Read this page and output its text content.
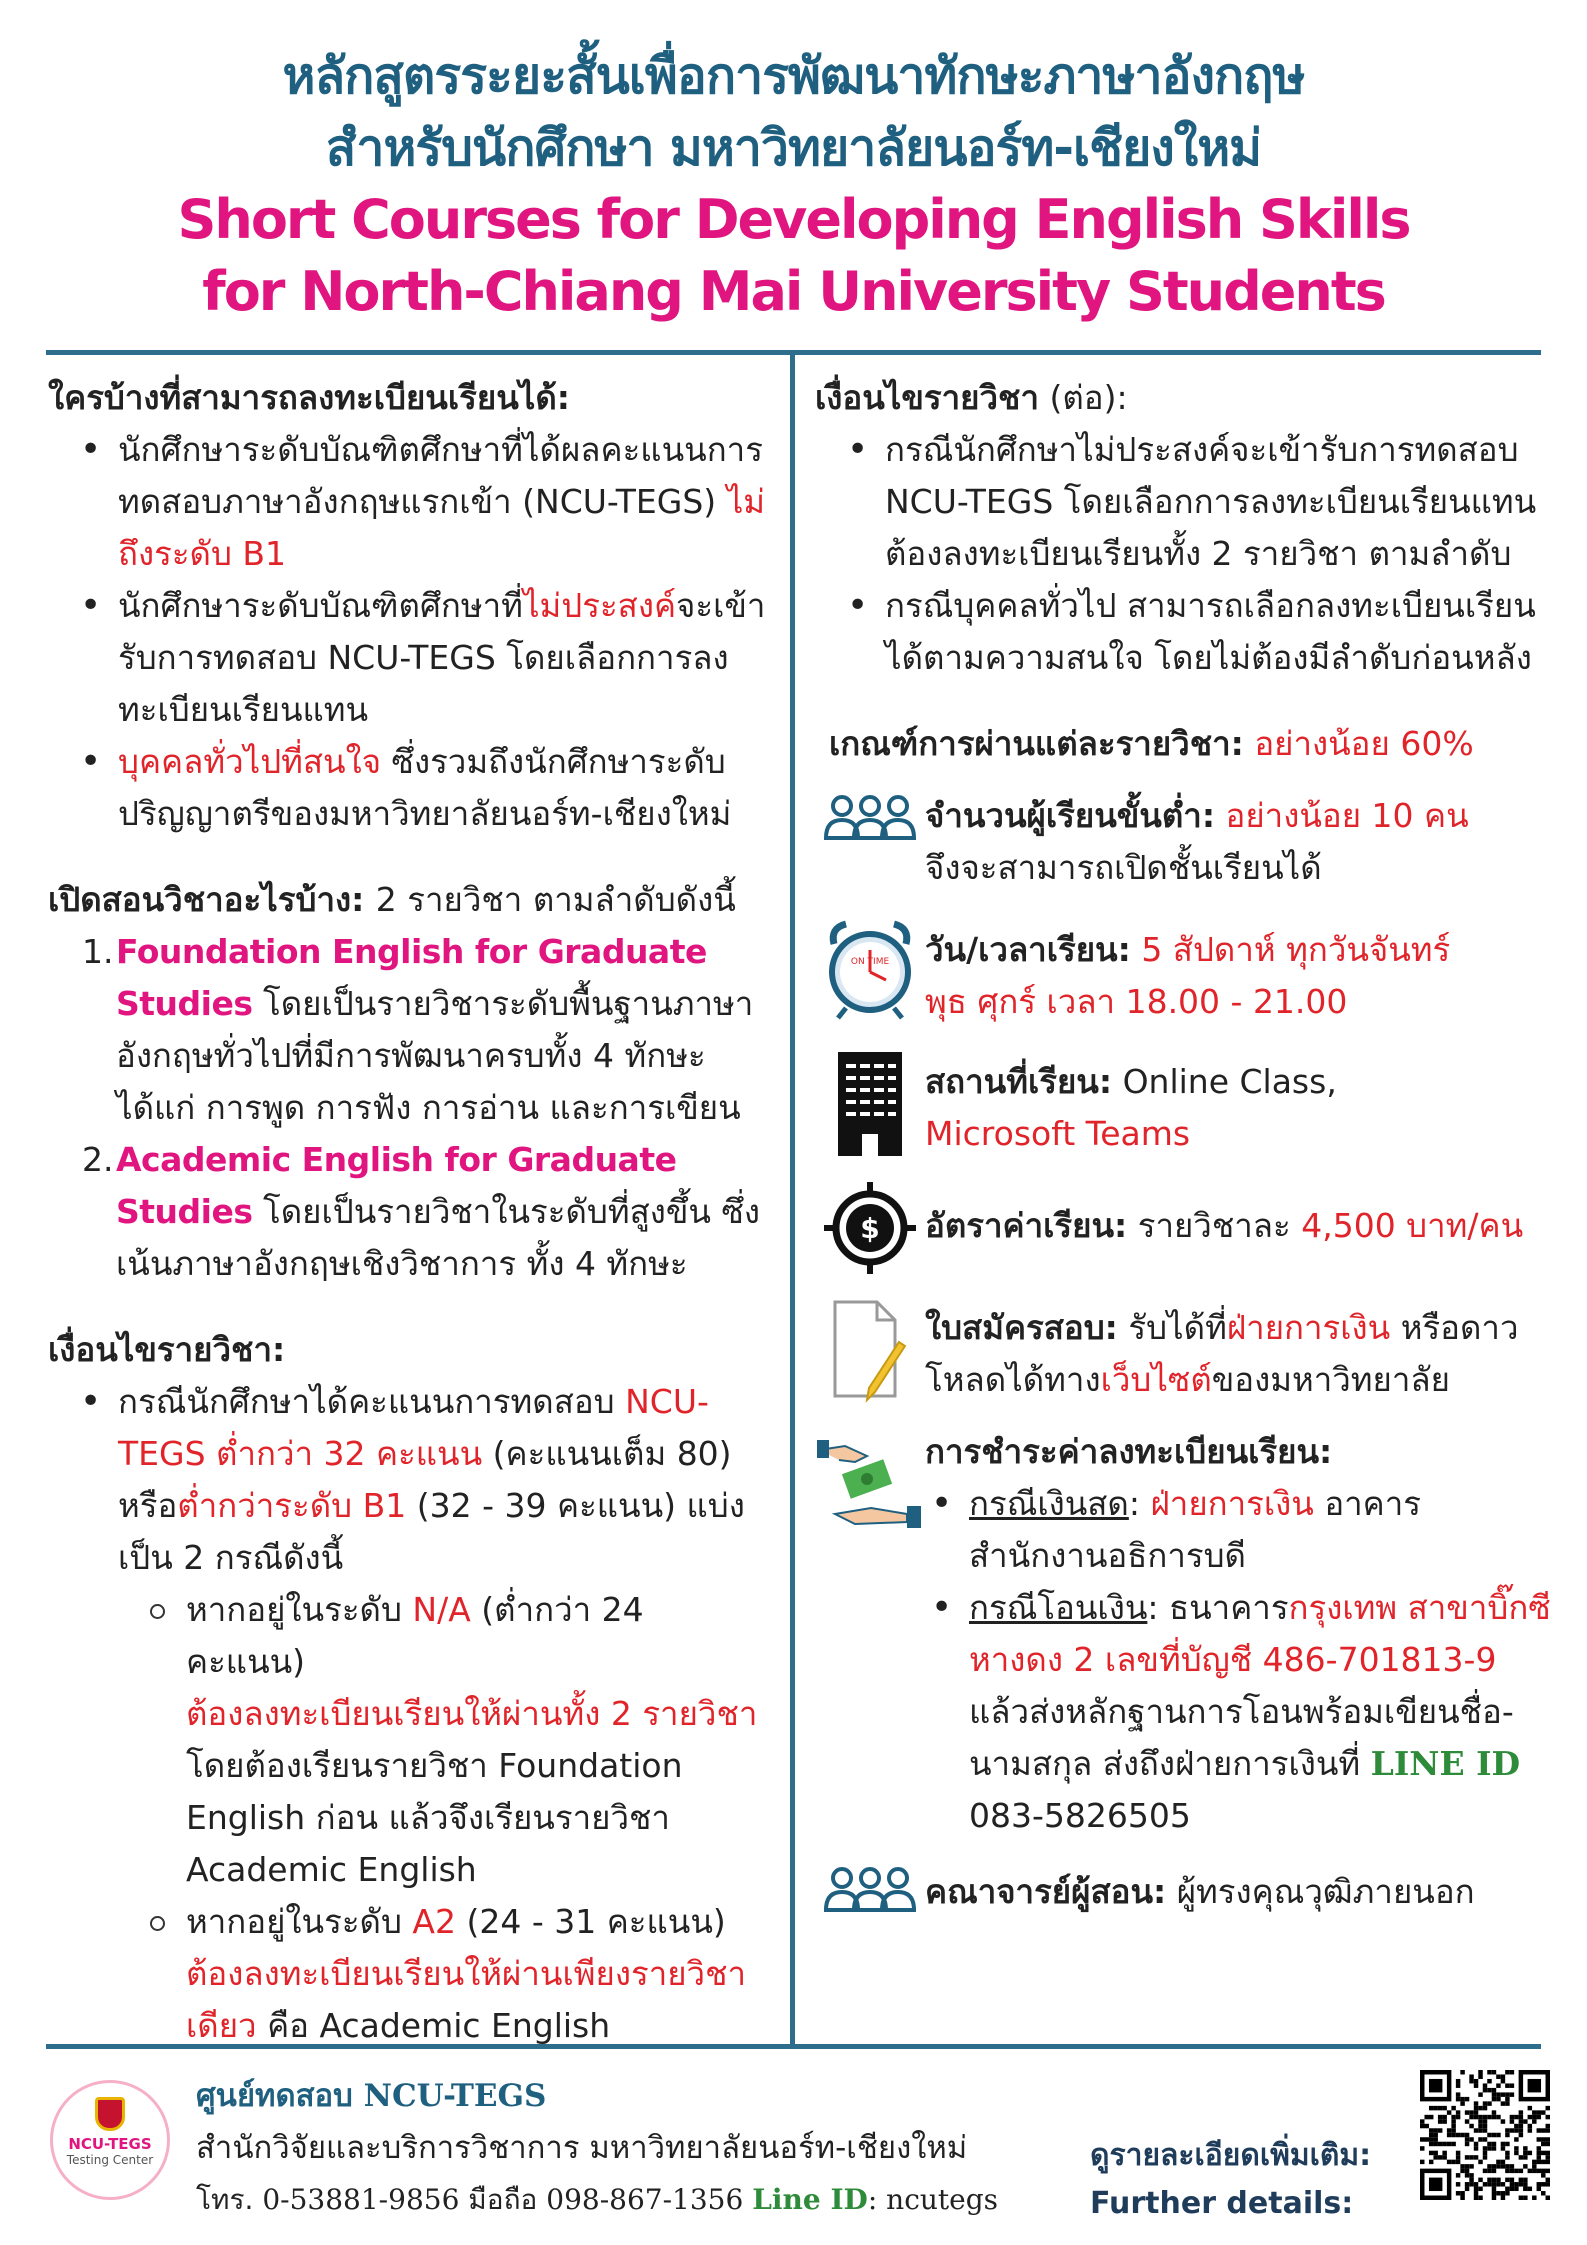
หลักสูตรระยะสั้นเพื่อการพัฒนาทักษะภาษาอังกฤษ
สำหรับนักศึกษา มหาวิทยาลัยนอร์ท-เชียงใหม่
Short Courses for Developing English Skills
for North-Chiang Mai University Students
ใครบ้างที่สามารถลงทะเบียนเรียนได้:
• นักศึกษาระดับบัณฑิตศึกษาที่ได้ผลคะแนนการทดสอบภาษาอังกฤษแรกเข้า (NCU-TEGS) ไม่ถึงระดับ B1
• นักศึกษาระดับบัณฑิตศึกษาที่ไม่ประสงค์จะเข้ารับการทดสอบ NCU-TEGS โดยเลือกการลงทะเบียนเรียนแทน
• บุคคลทั่วไปที่สนใจ ซึ่งรวมถึงนักศึกษาระดับปริญญาตรีของมหาวิทยาลัยนอร์ท-เชียงใหม่
เปิดสอนวิชาอะไรบ้าง: 2 รายวิชา ตามลำดับดังนี้
1. Foundation English for Graduate Studies โดยเป็นรายวิชาระดับพื้นฐานภาษาอังกฤษทั่วไปที่มีการพัฒนาครบทั้ง 4 ทักษะ ได้แก่ การพูด การฟัง การอ่าน และการเขียน
2. Academic English for Graduate Studies โดยเป็นรายวิชาในระดับที่สูงขึ้น ซึ่งเน้นภาษาอังกฤษเชิงวิชาการ ทั้ง 4 ทักษะ
เงื่อนไขรายวิชา:
• กรณีนักศึกษาได้คะแนนการทดสอบ NCU-TEGS ต่ำกว่า 32 คะแนน (คะแนนเต็ม 80) หรือต่ำกว่าระดับ B1 (32 - 39 คะแนน) แบ่งเป็น 2 กรณีดังนี้
หากอยู่ในระดับ N/A (ต่ำกว่า 24 คะแนน)
ต้องลงทะเบียนเรียนให้ผ่านทั้ง 2 รายวิชา
โดยต้องเรียนรายวิชา Foundation English ก่อน แล้วจึงเรียนรายวิชา Academic English
หากอยู่ในระดับ A2 (24 - 31 คะแนน)
ต้องลงทะเบียนเรียนให้ผ่านเพียงรายวิชาเดียว คือ Academic English
เงื่อนไขรายวิชา (ต่อ):
• กรณีนักศึกษาไม่ประสงค์จะเข้ารับการทดสอบ NCU-TEGS โดยเลือกการลงทะเบียนเรียนแทน ต้องลงทะเบียนเรียนทั้ง 2 รายวิชา ตามลำดับ
• กรณีบุคคลทั่วไป สามารถเลือกลงทะเบียนเรียนได้ตามความสนใจ โดยไม่ต้องมีลำดับก่อนหลัง
เกณฑ์การผ่านแต่ละรายวิชา: อย่างน้อย 60%
จำนวนผู้เรียนขั้นต่ำ: อย่างน้อย 10 คน
จึงจะสามารถเปิดชั้นเรียนได้
ON TIME วัน/เวลาเรียน: 5 สัปดาห์ ทุกวันจันทร์
พุธ ศุกร์ เวลา 18.00 - 21.00
สถานที่เรียน: Online Class,
Microsoft Teams
$ อัตราค่าเรียน: รายวิชาละ 4,500 บาท/คน
ใบสมัครสอบ: รับได้ที่ฝ่ายการเงิน หรือดาวโหลดได้ทางเว็บไซต์ของมหาวิทยาลัย
การชำระค่าลงทะเบียนเรียน:
• กรณีเงินสด: ฝ่ายการเงิน อาคารสำนักงานอธิการบดี
• กรณีโอนเงิน: ธนาคารกรุงเทพ สาขาบิ๊กซี หางดง 2 เลขที่บัญชี 486-701813-9 แล้วส่งหลักฐานการโอนพร้อมเขียนชื่อ-นามสกุล ส่งถึงฝ่ายการเงินที่ LINE ID 083-5826505
คณาจารย์ผู้สอน: ผู้ทรงคุณวุฒิภายนอก
NCU-TEGS
Testing Center
ศูนย์ทดสอบ NCU-TEGS
สำนักวิจัยและบริการวิชาการ มหาวิทยาลัยนอร์ท-เชียงใหม่
โทร. 0-53881-9856 มือถือ 098-867-1356 Line ID: ncutegs
ดูรายละเอียดเพิ่มเติม:
Further details:
